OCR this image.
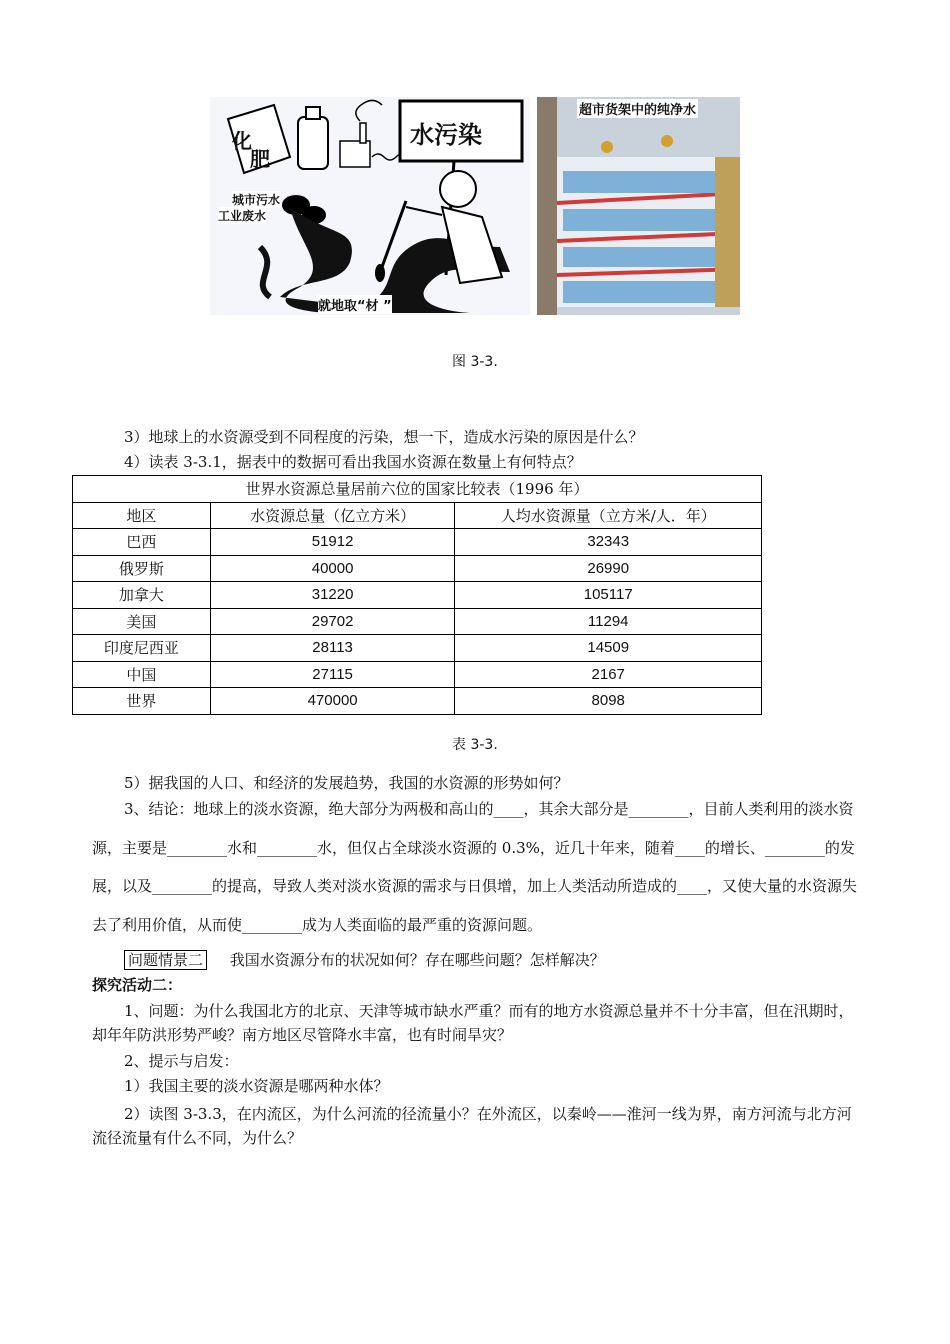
化
肥
水污染
城市污水
工业废水
就地取“材 ”
超市货架中的纯净水
图 3-3.
3）地球上的水资源受到不同程度的污染，想一下，造成水污染的原因是什么？
4）读表 3-3.1，据表中的数据可看出我国水资源在数量上有何特点？
世界水资源总量居前六位的国家比较表（1996 年）		
地区	水资源总量（亿立方米）	人均水资源量（立方米/人．年）
巴西	51912	32343
俄罗斯	40000	26990
加拿大	31220	105117
美国	29702	11294
印度尼西亚	28113	14509
中国	27115	2167
世界	470000	8098
表 3-3.
5）据我国的人口、和经济的发展趋势，我国的水资源的形势如何？
3、结论：地球上的淡水资源，绝大部分为两极和高山的____，其余大部分是________，目前人类利用的淡水资源，主要是________水和________水，但仅占全球淡水资源的 0.3%，近几十年来，随着____的增长、________的发展，以及________的提高，导致人类对淡水资源的需求与日俱增，加上人类活动所造成的____，又使大量的水资源失去了利用价值，从而使________成为人类面临的最严重的资源问题。
问题情景二 我国水资源分布的状况如何？存在哪些问题？怎样解决？
探究活动二：
1、问题：为什么我国北方的北京、天津等城市缺水严重？而有的地方水资源总量并不十分丰富，但在汛期时，却年年防洪形势严峻？南方地区尽管降水丰富，也有时闹旱灾？
2、提示与启发：
1）我国主要的淡水资源是哪两种水体？
2）读图 3-3.3，在内流区，为什么河流的径流量小？在外流区，以秦岭——淮河一线为界，南方河流与北方河流径流量有什么不同，为什么？
